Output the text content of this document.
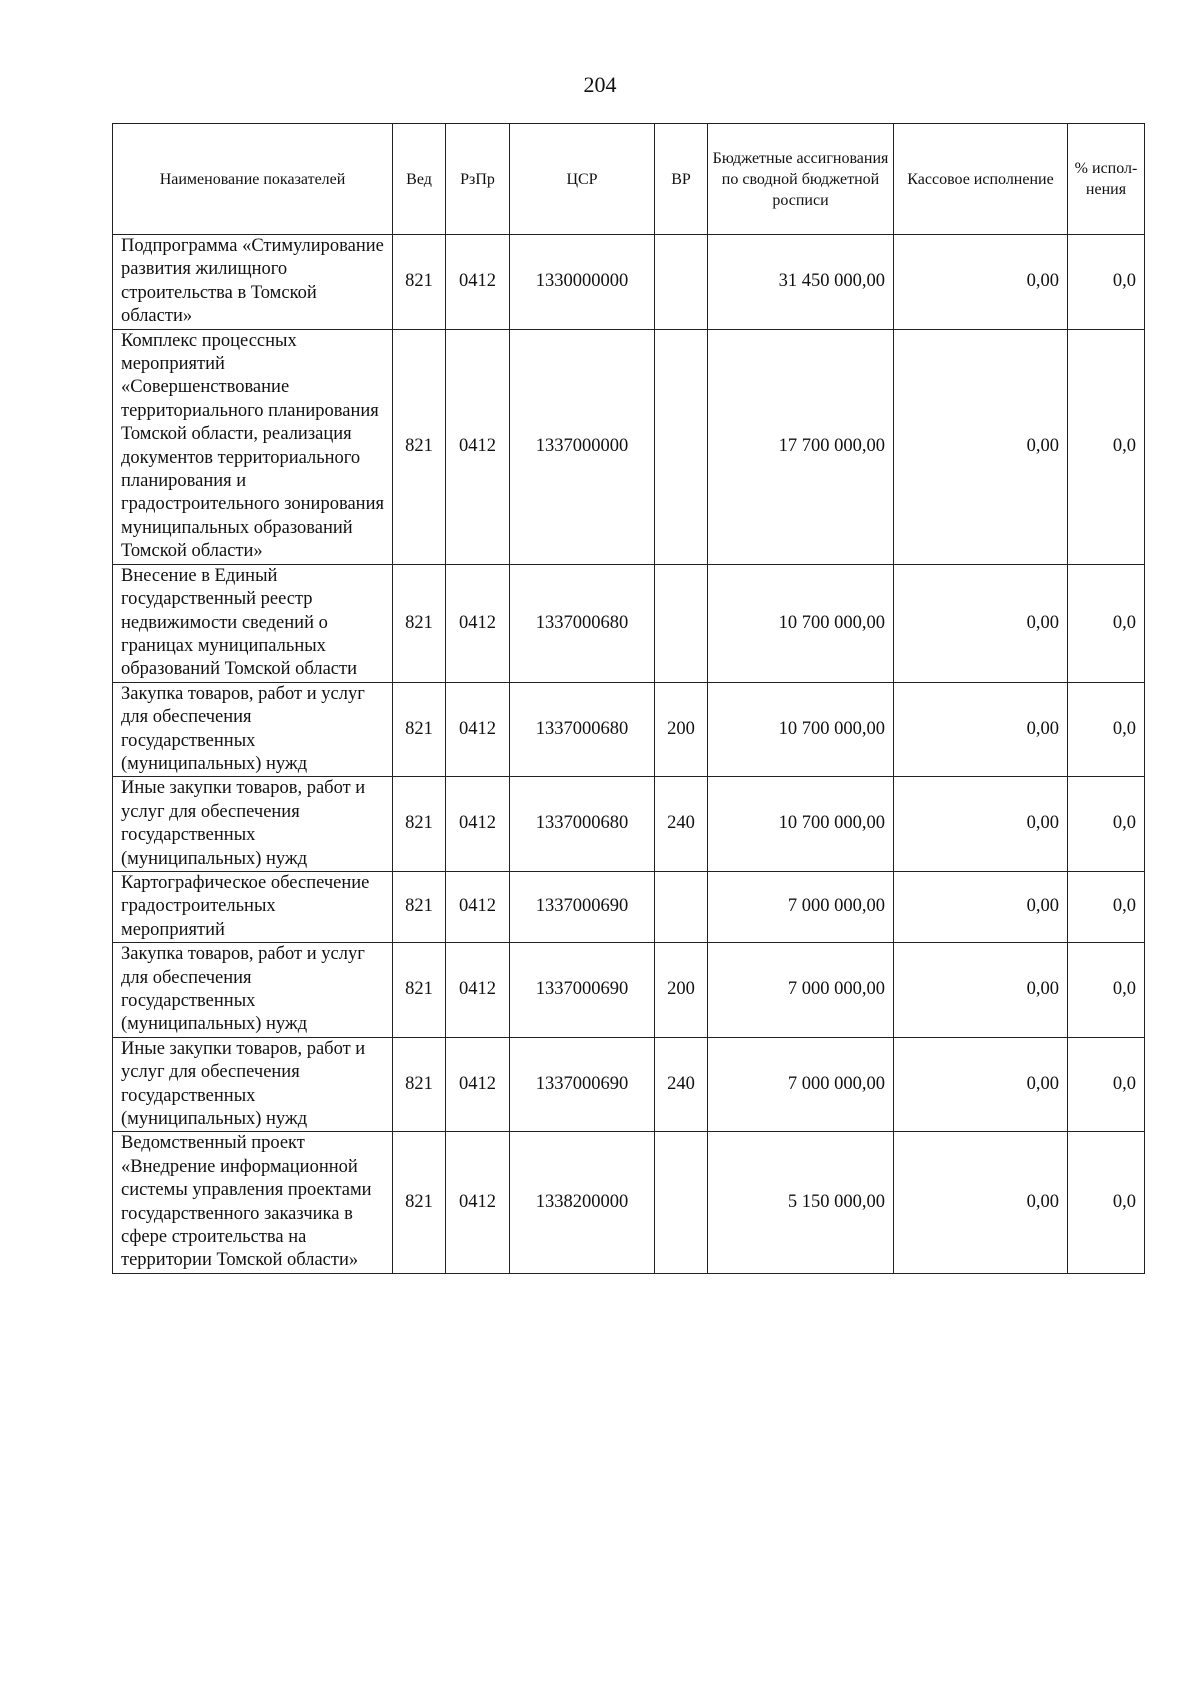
204
Наименование показателей	Вед	РзПр	ЦСР	ВР	Бюджетные ассигнования по сводной бюджетной росписи	Кассовое исполнение	% испол-нения
Подпрограмма «Стимулирование развития жилищного строительства в Томской области»	821	0412	1330000000		31 450 000,00	0,00	0,0
Комплекс процессных мероприятий «Совершенствование территориального планирования Томской области, реализация документов территориального планирования и градостроительного зонирования муниципальных образований Томской области»	821	0412	1337000000		17 700 000,00	0,00	0,0
Внесение в Единый государственный реестр недвижимости сведений о границах муниципальных образований Томской области	821	0412	1337000680		10 700 000,00	0,00	0,0
Закупка товаров, работ и услуг для обеспечения государственных (муниципальных) нужд	821	0412	1337000680	200	10 700 000,00	0,00	0,0
Иные закупки товаров, работ и услуг для обеспечения государственных (муниципальных) нужд	821	0412	1337000680	240	10 700 000,00	0,00	0,0
Картографическое обеспечение градостроительных мероприятий	821	0412	1337000690		7 000 000,00	0,00	0,0
Закупка товаров, работ и услуг для обеспечения государственных (муниципальных) нужд	821	0412	1337000690	200	7 000 000,00	0,00	0,0
Иные закупки товаров, работ и услуг для обеспечения государственных (муниципальных) нужд	821	0412	1337000690	240	7 000 000,00	0,00	0,0
Ведомственный проект «Внедрение информационной системы управления проектами государственного заказчика в сфере строительства на территории Томской области»	821	0412	1338200000		5 150 000,00	0,00	0,0
